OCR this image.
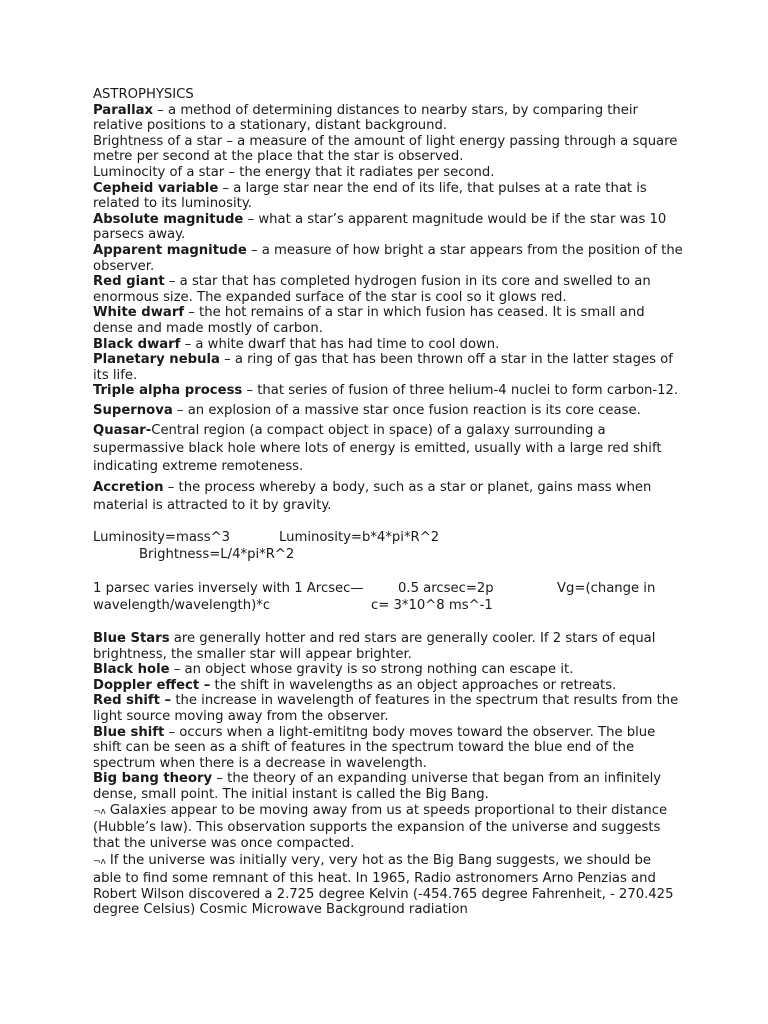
ASTROPHYSICS

Parallax – a method of determining distances to nearby stars, by comparing their relative positions to a stationary, distant background.

Brightness of a star – a measure of the amount of light energy passing through a square metre per second at the place that the star is observed.

Luminocity of a star – the energy that it radiates per second.

Cepheid variable – a large star near the end of its life, that pulses at a rate that is related to its luminosity.

Absolute magnitude – what a star’s apparent magnitude would be if the star was 10 parsecs away.

Apparent magnitude – a measure of how bright a star appears from the position of the observer.

Red giant – a star that has completed hydrogen fusion in its core and swelled to an enormous size. The expanded surface of the star is cool so it glows red.

White dwarf – the hot remains of a star in which fusion has ceased. It is small and dense and made mostly of carbon.

Black dwarf – a white dwarf that has had time to cool down.

Planetary nebula – a ring of gas that has been thrown off a star in the latter stages of its life.

Triple alpha process – that series of fusion of three helium-4 nuclei to form carbon-12.

Supernova – an explosion of a massive star once fusion reaction is its core cease.

Quasar-Central region (a compact object in space) of a galaxy surrounding a supermassive black hole where lots of energy is emitted, usually with a large red shift indicating extreme remoteness.

Accretion – the process whereby a body, such as a star or planet, gains mass when material is attracted to it by gravity.

Luminosity=mass^3	Luminosity=b*4*pi*R^2
Brightness=L/4*pi*R^2
1 parsec varies inversely with 1 Arcsec—	0.5 arcsec=2p	Vg=(change in
wavelength/wavelength)*c	c= 3*10^8 ms^-1

Blue Stars are generally hotter and red stars are generally cooler. If 2 stars of equal brightness, the smaller star will appear brighter.

Black hole – an object whose gravity is so strong nothing can escape it.

Doppler effect – the shift in wavelengths as an object approaches or retreats.

Red shift – the increase in wavelength of features in the spectrum that results from the light source moving away from the observer.

Blue shift – occurs when a light-emititng body moves toward the observer. The blue shift can be seen as a shift of features in the spectrum toward the blue end of the spectrum when there is a decrease in wavelength.

Big bang theory – the theory of an expanding universe that began from an infinitely dense, small point. The initial instant is called the Big Bang.

¬ʌ Galaxies appear to be moving away from us at speeds proportional to their distance (Hubble’s law). This observation supports the expansion of the universe and suggests that the universe was once compacted.

¬ʌ If the universe was initially very, very hot as the Big Bang suggests, we should be able to find some remnant of this heat. In 1965, Radio astronomers Arno Penzias and Robert Wilson discovered a 2.725 degree Kelvin (-454.765 degree Fahrenheit, - 270.425 degree Celsius) Cosmic Microwave Background radiation
